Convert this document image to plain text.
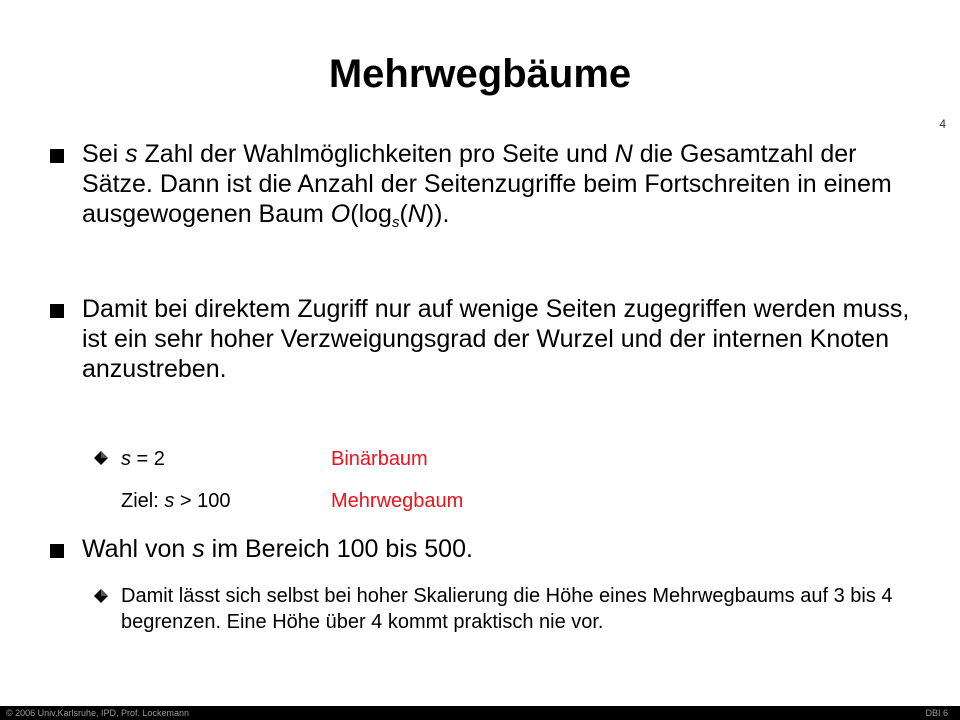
Mehrwegbäume
4
Sei s Zahl der Wahlmöglichkeiten pro Seite und N die Gesamtzahl der Sätze. Dann ist die Anzahl der Seitenzugriffe beim Fortschreiten in einem ausgewogenen Baum $O(\log_s(N))$.
Damit bei direktem Zugriff nur auf wenige Seiten zugegriffen werden muss, ist ein sehr hoher Verzweigungsgrad der Wurzel und der internen Knoten anzustreben.
s = 2	Binärbaum
Ziel: s > 100	Mehrwegbaum
Wahl von s im Bereich 100 bis 500.
Damit lässt sich selbst bei hoher Skalierung die Höhe eines Mehrwegbaums auf 3 bis 4 begrenzen. Eine Höhe über 4 kommt praktisch nie vor.
© 2006 Univ,Karlsruhe, IPD, Prof. Lockemann	DBI 6
